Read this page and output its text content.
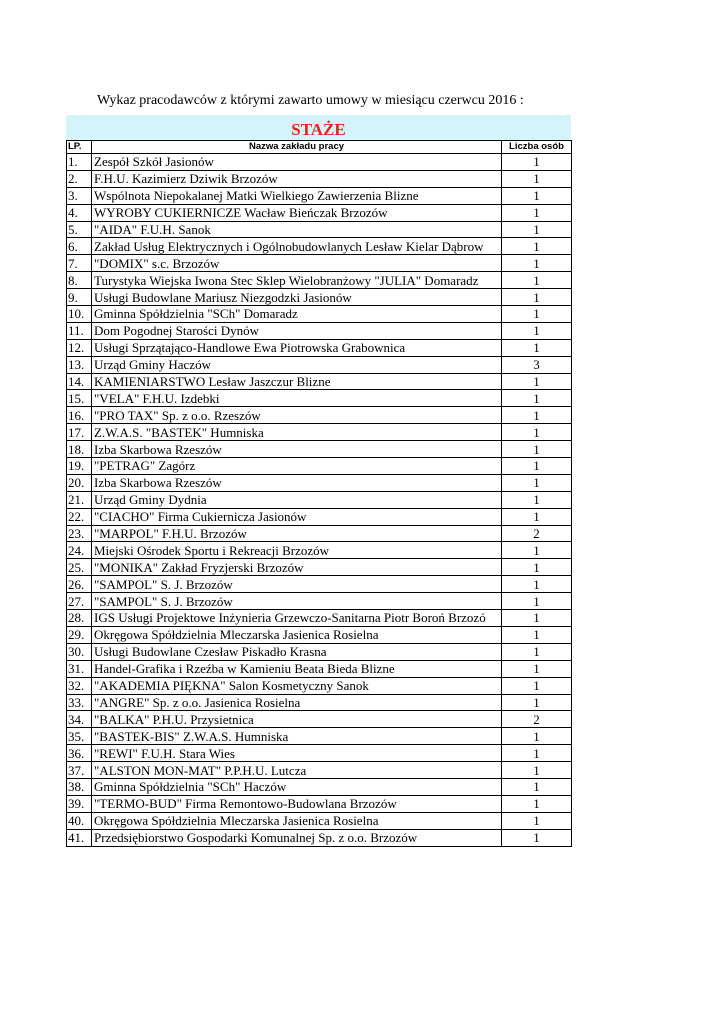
Wykaz pracodawców z którymi zawarto umowy w miesiącu czerwcu 2016 :
STAŻE
LP.	Nazwa zakładu pracy	Liczba osób
1.	Zespół Szkół Jasionów	1
2.	F.H.U. Kazimierz Dziwik Brzozów	1
3.	Wspólnota Niepokalanej Matki Wielkiego Zawierzenia Blizne	1
4.	WYROBY CUKIERNICZE Wacław Bieńczak Brzozów	1
5.	"AIDA" F.U.H. Sanok	1
6.	Zakład Usług Elektrycznych i Ogólnobudowlanych Lesław Kielar Dąbrow	1
7.	"DOMIX" s.c. Brzozów	1
8.	Turystyka Wiejska Iwona Stec Sklep Wielobranżowy "JULIA" Domaradz	1
9.	Usługi Budowlane Mariusz Niezgodzki Jasionów	1
10.	Gminna Spółdzielnia "SCh" Domaradz	1
11.	Dom Pogodnej Starości Dynów	1
12.	Usługi Sprzątająco-Handlowe Ewa Piotrowska Grabownica	1
13.	Urząd Gminy Haczów	3
14.	KAMIENIARSTWO Lesław Jaszczur Blizne	1
15.	"VELA" F.H.U. Izdebki	1
16.	"PRO TAX" Sp. z o.o. Rzeszów	1
17.	Z.W.A.S. "BASTEK" Humniska	1
18.	Izba Skarbowa Rzeszów	1
19.	"PETRAG" Zagórz	1
20.	Izba Skarbowa Rzeszów	1
21.	Urząd Gminy Dydnia	1
22.	"CIACHO" Firma Cukiernicza Jasionów	1
23.	"MARPOL" F.H.U. Brzozów	2
24.	Miejski Ośrodek Sportu i Rekreacji Brzozów	1
25.	"MONIKA" Zakład Fryzjerski Brzozów	1
26.	"SAMPOL" S. J. Brzozów	1
27.	"SAMPOL" S. J. Brzozów	1
28.	IGS Usługi Projektowe Inżynieria Grzewczo-Sanitarna Piotr Boroń Brzozó	1
29.	Okręgowa Spółdzielnia Mleczarska Jasienica Rosielna	1
30.	Usługi Budowlane Czesław Piskadło Krasna	1
31.	Handel-Grafika i Rzeźba w Kamieniu Beata Bieda Blizne	1
32.	"AKADEMIA PIĘKNA" Salon Kosmetyczny Sanok	1
33.	"ANGRE" Sp. z o.o. Jasienica Rosielna	1
34.	"BALKA" P.H.U. Przysietnica	2
35.	"BASTEK-BIS" Z.W.A.S. Humniska	1
36.	"REWI" F.U.H. Stara Wies	1
37.	"ALSTON MON-MAT" P.P.H.U. Lutcza	1
38.	Gminna Spółdzielnia "SCh" Haczów	1
39.	"TERMO-BUD" Firma Remontowo-Budowlana Brzozów	1
40.	Okręgowa Spółdzielnia Mleczarska Jasienica Rosielna	1
41.	Przedsiębiorstwo Gospodarki Komunalnej Sp. z o.o. Brzozów	1
